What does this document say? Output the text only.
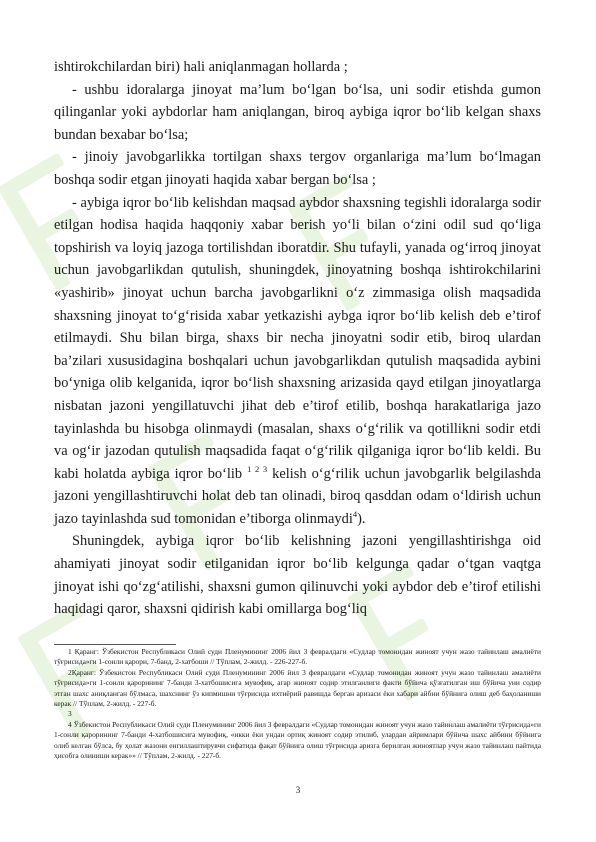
ishtirokchilardan biri) hali aniqlanmagan hollarda ;

- ushbu idoralarga jinoyat ma’lum bo‘lgan bo‘lsa, uni sodir etishda gumon qilinganlar yoki aybdorlar ham aniqlangan, biroq aybiga iqror bo‘lib kelgan shaxs bundan bexabar bo‘lsa;

- jinoiy javobgarlikka tortilgan shaxs tergov organlariga ma’lum bo‘lmagan boshqa sodir etgan jinoyati haqida xabar bergan bo‘lsa ;

- aybiga iqror bo‘lib kelishdan maqsad aybdor shaxsning tegishli idoralarga sodir etilgan hodisa haqida haqqoniy xabar berish yo‘li bilan o‘zini odil sud qo‘liga topshirish va loyiq jazoga tortilishdan iboratdir. Shu tufayli, yanada og‘irroq jinoyat uchun javobgarlikdan qutulish, shuningdek, jinoyatning boshqa ishtirokchilarini «yashirib» jinoyat uchun barcha javobgarlikni o‘z zimmasiga olish maqsadida shaxsning jinoyat to‘g‘risida xabar yetkazishi aybga iqror bo‘lib kelish deb e’tirof etilmaydi. Shu bilan birga, shaxs bir necha jinoyatni sodir etib, biroq ulardan ba’zilari xususidagina boshqalari uchun javobgarlikdan qutulish maqsadida aybini bo‘yniga olib kelganida, iqror bo‘lish shaxsning arizasida qayd etilgan jinoyatlarga nisbatan jazoni yengillatuvchi jihat deb e’tirof etilib, boshqa harakatlariga jazo tayinlashda bu hisobga olinmaydi (masalan, shaxs o‘g‘rilik va qotillikni sodir etdi va og‘ir jazodan qutulish maqsadida faqat o‘g‘rilik qilganiga iqror bo‘lib keldi. Bu kabi holatda aybiga iqror bo‘lib $^{1 2 3}$ kelish o‘g‘rilik uchun javobgarlik belgilashda jazoni yengillashtiruvchi holat deb tan olinadi, biroq qasddan odam o‘ldirish uchun jazo tayinlashda sud tomonidan e’tiborga olinmaydi$^4$).

Shuningdek, aybiga iqror bo‘lib kelishning jazoni yengillashtirishga oid ahamiyati jinoyat sodir etilganidan iqror bo‘lib kelgunga qadar o‘tgan vaqtga jinoyat ishi qo‘zg‘atilishi, shaxsni gumon qilinuvchi yoki aybdor deb e’tirof etilishi haqidagi qaror, shaxsni qidirish kabi omillarga bog‘liq

1 Қаранг: Ўзбекистон Республикаси Олий суди Пленумининг 2006 йил 3 февралдаги «Судлар томонидан жиноят учун жазо тайинлаш амалиёти тўғрисида»ги 1-сонли қарори, 7-банд, 2-хатбоши // Тўплам, 2-жилд. - 226-227-б.

2Қаранг: Ўзбекистон Республикаси Олий суди Пленумининг 2006 йил 3 февралдаги «Судлар томонидан жиноят учун жазо тайинлаш амалиёти тўғрисида»ги 1-сонли қарорининг 7-банди 3-хатбошисига мувофиқ, агар жиноят содир этилганлиги факти бўйича қўзғатилган иш бўйича уни содир этган шахс аниқланган бўлмаса, шахснинг ўз кипмишни тўғрисида ихтиёрий равишда берган аризаси ёки хабари айбни бўйнига олиш деб баҳоланиши керак // Тўплам, 2-жилд. - 227-б.

3

4 Ўзбекистон Республикаси Олий суди Пленумининг 2006 йил 3 февралдаги «Судлар томонидан жиноят учун жазо тайинлаш амалиёти тўғрисида»ги 1-сонли қарорининг 7-банди 4-хатбошисига мувофиқ, «икки ёки ундан ортиқ жиноят содир этилиб, улардан айримлари бўйича шахс айбини бўйнига олиб келган бўлса, бу ҳолат жазони енгиллаштирувчи сифатида фақат бўйнига олиш тўғрисида аризга берилган жиноятлар учун жазо тайинлаш пайтида ҳисобга олиниши керак»» // Тўплам, 2-жилд. - 227-б.

3
